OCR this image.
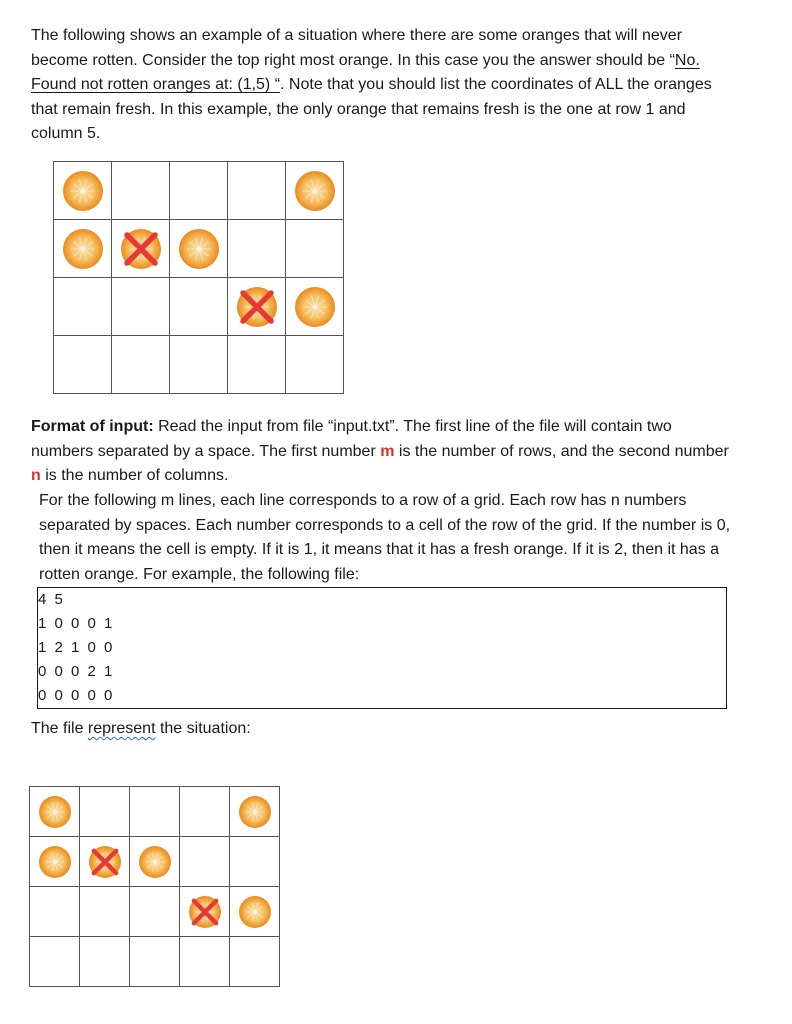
The following shows an example of a situation where there are some oranges that will never become rotten. Consider the top right most orange. In this case you the answer should be “No. Found not rotten oranges at: (1,5) “. Note that you should list the coordinates of ALL the oranges that remain fresh. In this example, the only orange that remains fresh is the one at row 1 and column 5.

Format of input: Read the input from file “input.txt”. The first line of the file will contain two numbers separated by a space. The first number m is the number of rows, and the second number n is the number of columns.

For the following m lines, each line corresponds to a row of a grid. Each row has n numbers separated by spaces. Each number corresponds to a cell of the row of the grid. If the number is 0, then it means the cell is empty. If it is 1, it means that it has a fresh orange. If it is 2, then it has a rotten orange. For example, the following file:

4 5
1 0 0 0 1
1 2 1 0 0
0 0 0 2 1
0 0 0 0 0

The file represent the situation:
